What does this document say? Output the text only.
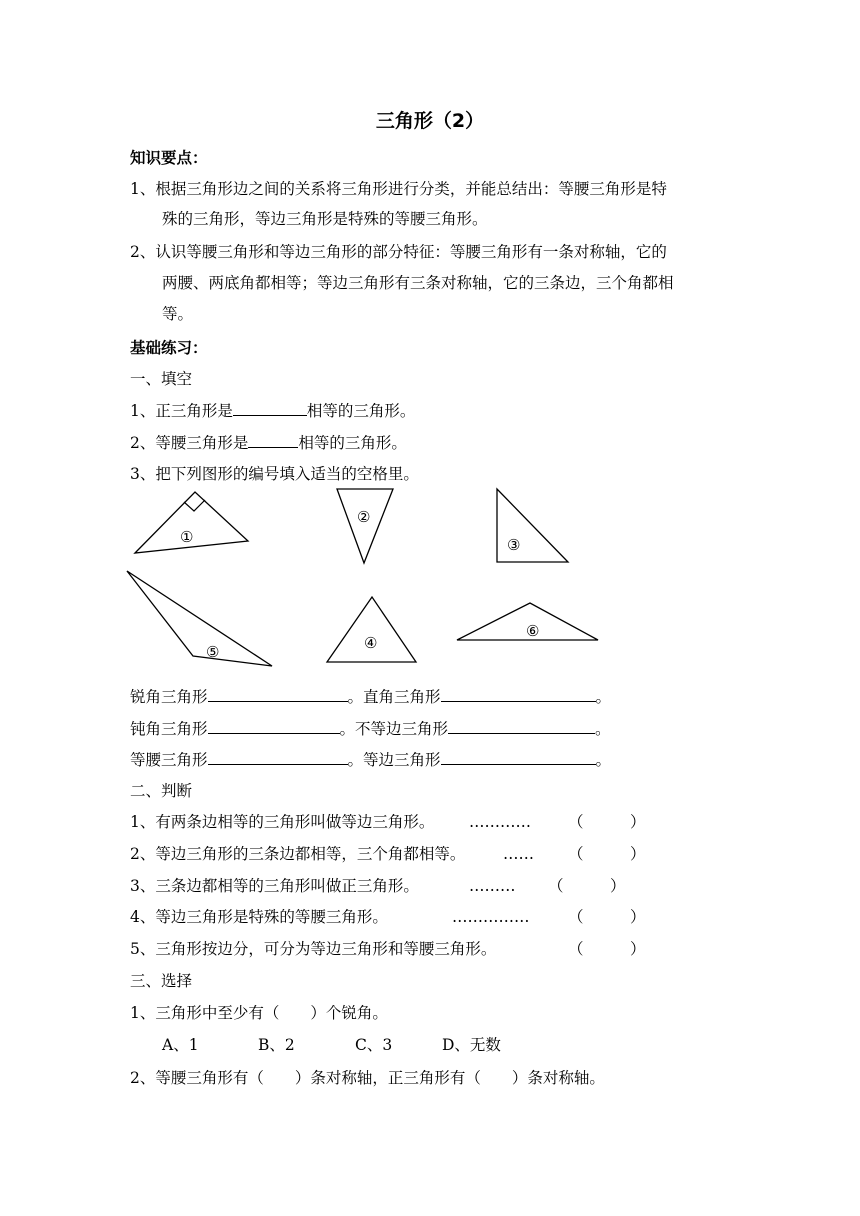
三角形（2）
知识要点：
1、根据三角形边之间的关系将三角形进行分类，并能总结出：等腰三角形是特
殊的三角形，等边三角形是特殊的等腰三角形。
2、认识等腰三角形和等边三角形的部分特征：等腰三角形有一条对称轴，它的
两腰、两底角都相等；等边三角形有三条对称轴，它的三条边，三个角都相
等。
基础练习：
一、填空
1、正三角形是	相等的三角形。
2、等腰三角形是	相等的三角形。
3、把下列图形的编号填入适当的空格里。
①
②
③
④
⑤
⑥
锐角三角形	。直角三角形	。
钝角三角形	。不等边三角形	。
等腰三角形	。等边三角形	。
二、判断
1、有两条边相等的三角形叫做等边三角形。 ………… （　　　）
2、等边三角形的三条边都相等，三个角都相等。 …… （　　　）
3、三条边都相等的三角形叫做正三角形。	……… （　　　）
4、等边三角形是特殊的等腰三角形。	…………… （　　　）
5、三角形按边分，可分为等边三角形和等腰三角形。	（　　　）
三、选择
1、三角形中至少有（　　）个锐角。
A、1	B、2	C、3	D、无数
2、等腰三角形有（　　）条对称轴，正三角形有（　　）条对称轴。
